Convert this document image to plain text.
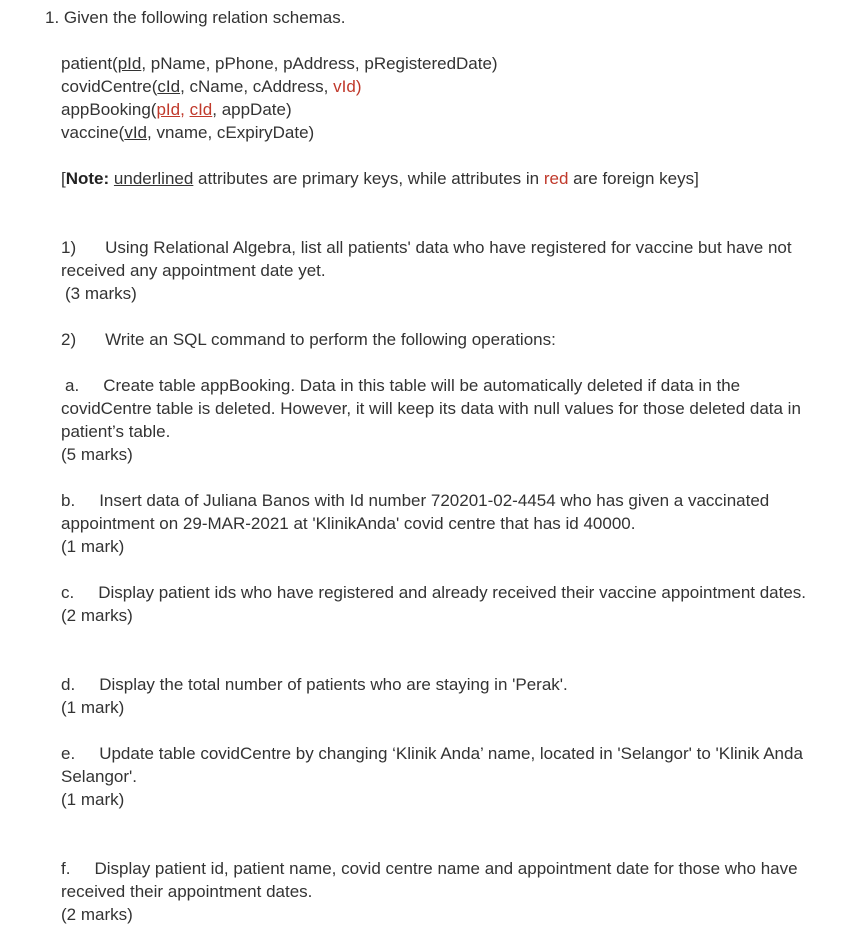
1. Given the following relation schemas.
patient(pId, pName, pPhone, pAddress, pRegisteredDate)
covidCentre(cId, cName, cAddress, vId)
appBooking(pId, cId, appDate)
vaccine(vId, vname, cExpiryDate)
[Note: underlined attributes are primary keys, while attributes in red are foreign keys]
1) Using Relational Algebra, list all patients' data who have registered for vaccine but have not received any appointment date yet.
(3 marks)
2) Write an SQL command to perform the following operations:
a. Create table appBooking. Data in this table will be automatically deleted if data in the covidCentre table is deleted. However, it will keep its data with null values for those deleted data in patient’s table.
(5 marks)
b. Insert data of Juliana Banos with Id number 720201-02-4454 who has given a vaccinated appointment on 29-MAR-2021 at 'KlinikAnda' covid centre that has id 40000.
(1 mark)
c. Display patient ids who have registered and already received their vaccine appointment dates.
(2 marks)
d. Display the total number of patients who are staying in 'Perak'.
(1 mark)
e. Update table covidCentre by changing ‘Klinik Anda’ name, located in 'Selangor' to 'Klinik Anda Selangor'.
(1 mark)
f. Display patient id, patient name, covid centre name and appointment date for those who have received their appointment dates.
(2 marks)
